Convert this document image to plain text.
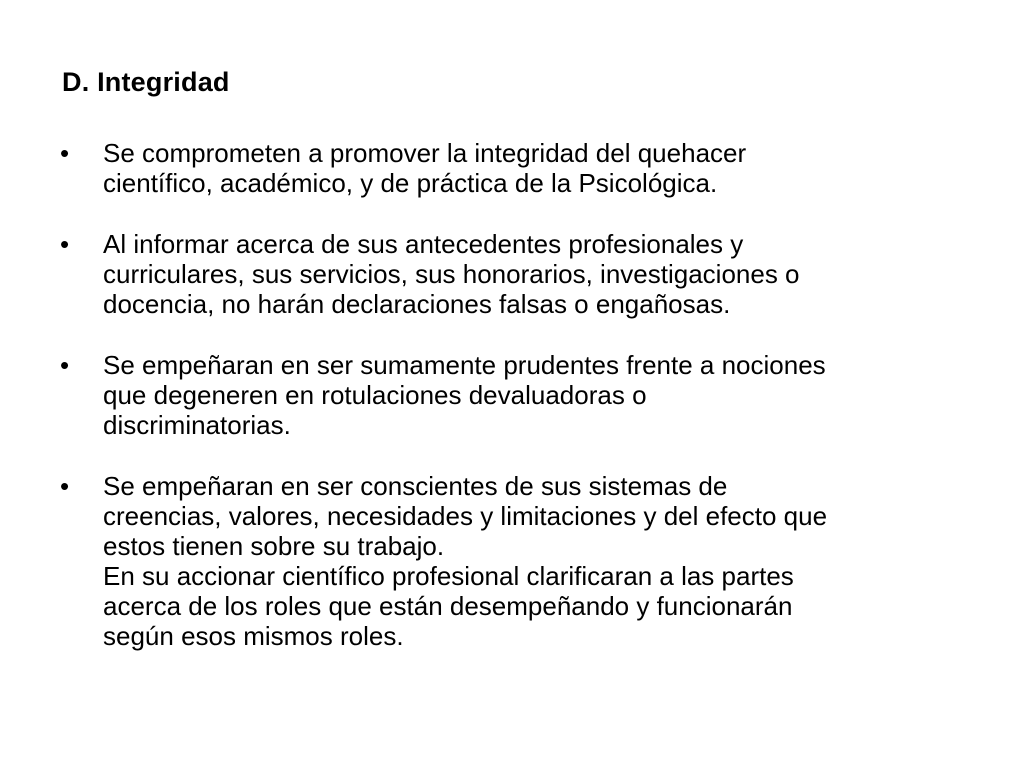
D. Integridad
•	Se comprometen a promover la integridad del quehacer
científico, académico, y de práctica de la Psicológica.
•	Al informar acerca de sus antecedentes profesionales y
curriculares, sus servicios, sus honorarios, investigaciones o
docencia, no harán declaraciones falsas o engañosas.
•	Se empeñaran en ser sumamente prudentes frente a nociones
que degeneren en rotulaciones devaluadoras o
discriminatorias.
•	Se empeñaran en ser conscientes de sus sistemas de
creencias, valores, necesidades y limitaciones y del efecto que
estos tienen sobre su trabajo.
En su accionar científico profesional clarificaran a las partes
acerca de los roles que están desempeñando y funcionarán
según esos mismos roles.
